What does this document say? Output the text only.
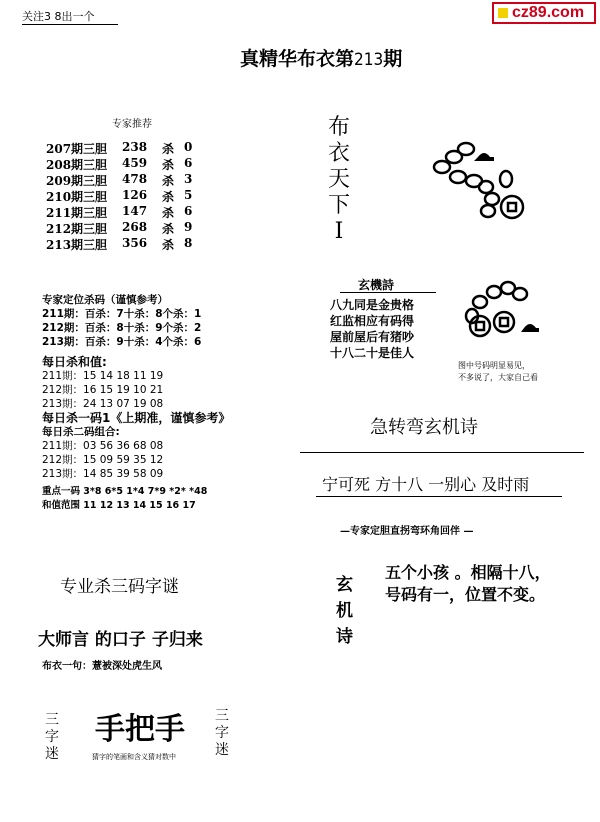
关注3 8出一个	cz89.com
真精华布衣第213期
专家推荐
207期三胆 238 杀 0
208期三胆 459 杀 6
209期三胆 478 杀 3
210期三胆 126 杀 5
211期三胆 147 杀 6
212期三胆 268 杀 9
213期三胆 356 杀 8
专家定位杀码（谨慎参考）
211期：百杀：7十杀：8个杀：1
212期：百杀：8十杀：9个杀：2
213期：百杀：9十杀：4个杀：6
每日杀和值:
211期：15 14 18 11 19
212期：16 15 19 10 21
213期：24 13 07 19 08
每日杀一码1《上期准，谨慎参考》
每日杀二码组合:
211期：03 56 36 68 08
212期：15 09 59 35 12
213期：14 85 39 58 09
重点一码 3*8 6*5 1*4 7*9 *2* *48
和值范围 11 12 13 14 15 16 17
专业杀三码字谜
大师言 的口子 子归来
布衣一句：薏被深处虎生风
三字迷
手把手 三字迷
猜字的笔画和含义猜对数中
布衣天下I
玄機詩
八九同是金贵格
红监相应有码得
屋前屋后有猪吵
十八二十是佳人
图中号码明显易见，
不多说了，大家自己看
急转弯玄机诗
宁可死 方十八 一别心 及时雨
—专家定胆直拐弯环角回伴 —
玄机诗
五个小孩 。相隔十八，
号码有一，位置不变。
